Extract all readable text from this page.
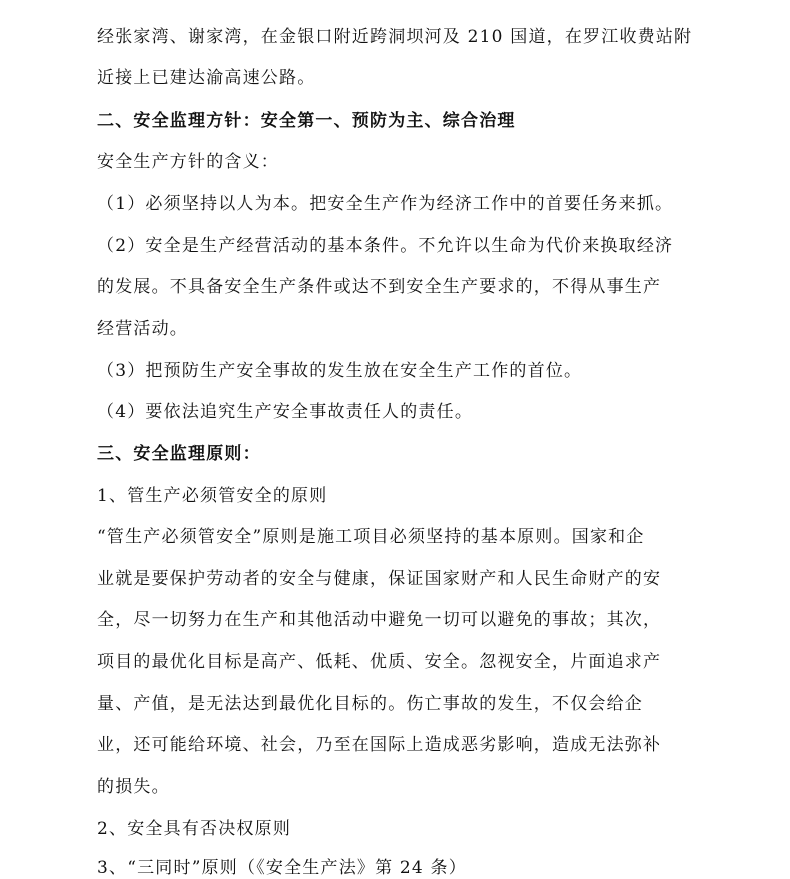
经张家湾、谢家湾，在金银口附近跨洞坝河及 210 国道，在罗江收费站附
近接上已建达渝高速公路。
二、安全监理方针：安全第一、预防为主、综合治理
安全生产方针的含义：
（1）必须坚持以人为本。把安全生产作为经济工作中的首要任务来抓。
（2）安全是生产经营活动的基本条件。不允许以生命为代价来换取经济
的发展。不具备安全生产条件或达不到安全生产要求的，不得从事生产
经营活动。
（3）把预防生产安全事故的发生放在安全生产工作的首位。
（4）要依法追究生产安全事故责任人的责任。
三、安全监理原则：
1、管生产必须管安全的原则
“管生产必须管安全”原则是施工项目必须坚持的基本原则。国家和企
业就是要保护劳动者的安全与健康，保证国家财产和人民生命财产的安
全，尽一切努力在生产和其他活动中避免一切可以避免的事故；其次，
项目的最优化目标是高产、低耗、优质、安全。忽视安全，片面追求产
量、产值，是无法达到最优化目标的。伤亡事故的发生，不仅会给企
业，还可能给环境、社会，乃至在国际上造成恶劣影响，造成无法弥补
的损失。
2、安全具有否决权原则
3、“三同时”原则（《安全生产法》第 24 条）
